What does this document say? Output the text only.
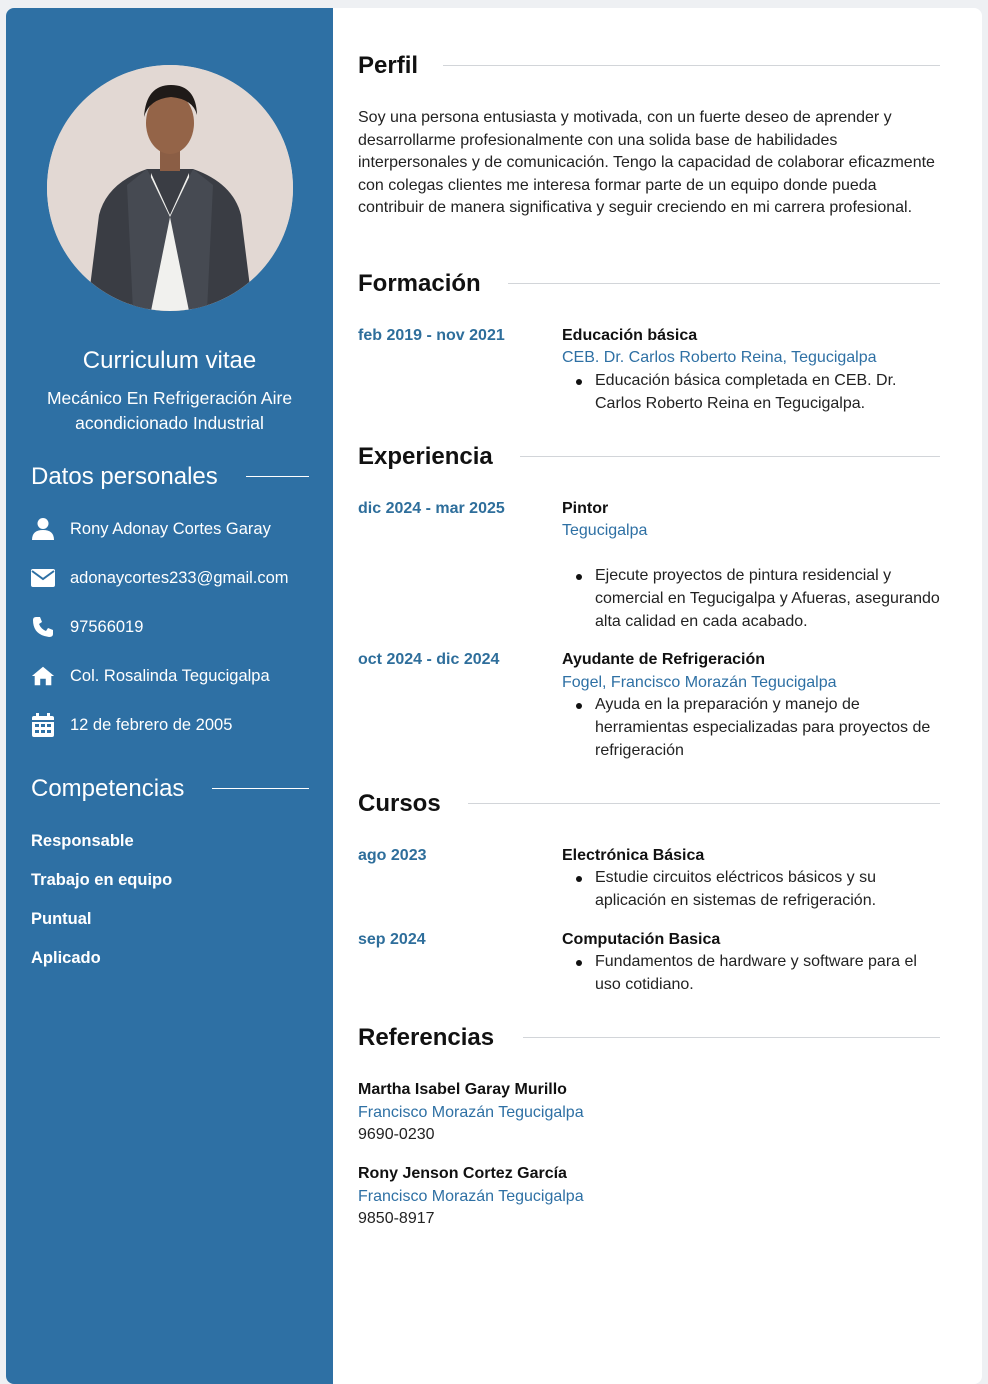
Curriculum vitae
Mecánico En Refrigeración Aire acondicionado Industrial
Datos personales
Rony Adonay Cortes Garay
adonaycortes233@gmail.com
97566019
Col. Rosalinda Tegucigalpa
12 de febrero de 2005
Competencias
Responsable
Trabajo en equipo
Puntual
Aplicado
Perfil
Soy una persona entusiasta y motivada, con un fuerte deseo de aprender y desarrollarme profesionalmente con una solida base de habilidades interpersonales y de comunicación. Tengo la capacidad de colaborar eficazmente con colegas clientes me interesa formar parte de un equipo donde pueda contribuir de manera significativa y seguir creciendo en mi carrera profesional.
Formación
feb 2019 - nov 2021	Educación básica
CEB. Dr. Carlos Roberto Reina, Tegucigalpa
Educación básica completada en CEB. Dr. Carlos Roberto Reina en Tegucigalpa.
Experiencia
dic 2024 - mar 2025	Pintor
Tegucigalpa
Ejecute proyectos de pintura residencial y comercial en Tegucigalpa y Afueras, asegurando alta calidad en cada acabado.
oct 2024 - dic 2024	Ayudante de Refrigeración
Fogel, Francisco Morazán Tegucigalpa
Ayuda en la preparación y manejo de herramientas especializadas para proyectos de refrigeración
Cursos
ago 2023	Electrónica Básica
Estudie circuitos eléctricos básicos y su aplicación en sistemas de refrigeración.
sep 2024	Computación Basica
Fundamentos de hardware y software para el uso cotidiano.
Referencias
Martha Isabel Garay Murillo
Francisco Morazán Tegucigalpa
9690-0230
Rony Jenson Cortez García
Francisco Morazán Tegucigalpa
9850-8917
